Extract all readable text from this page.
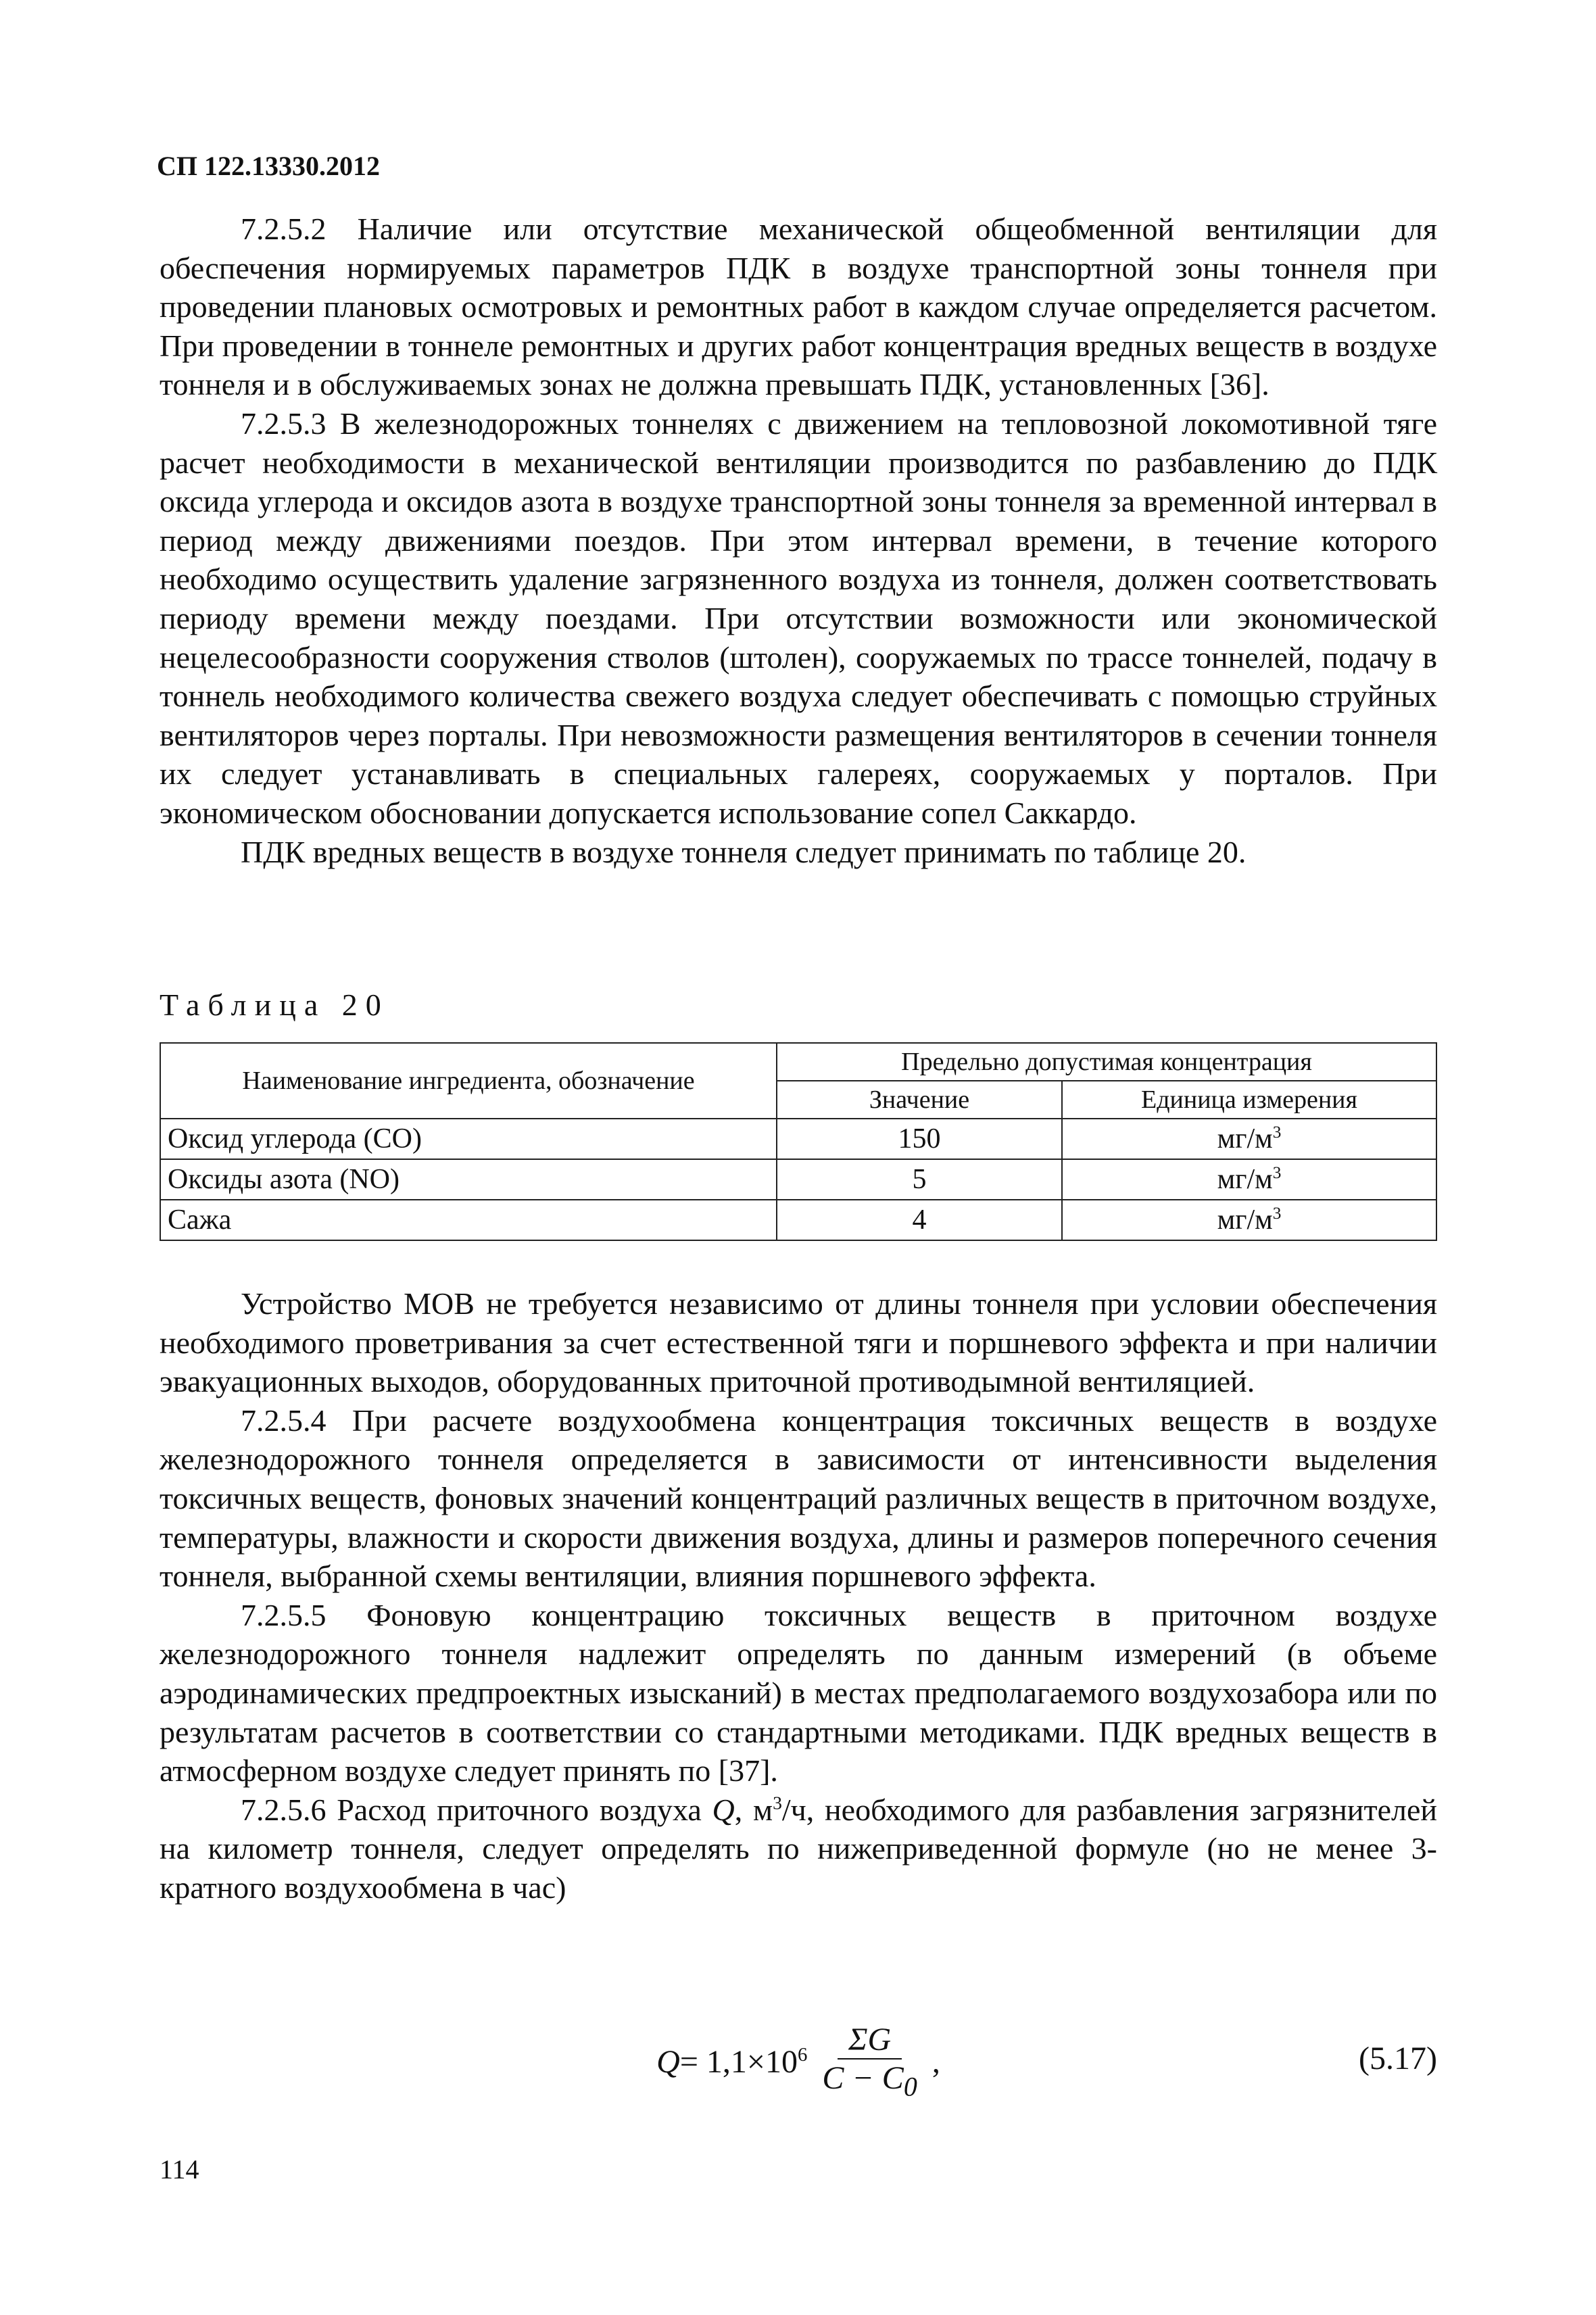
СП 122.13330.2012

7.2.5.2 Наличие или отсутствие механической общеобменной вентиляции для обеспечения нормируемых параметров ПДК в воздухе транспортной зоны тоннеля при проведении плановых осмотровых и ремонтных работ в каждом случае определяется расчетом. При проведении в тоннеле ремонтных и других работ концентрация вредных веществ в воздухе тоннеля и в обслуживаемых зонах не должна превышать ПДК, установленных [36].

7.2.5.3 В железнодорожных тоннелях с движением на тепловозной локомотивной тяге расчет необходимости в механической вентиляции производится по разбавлению до ПДК оксида углерода и оксидов азота в воздухе транспортной зоны тоннеля за временной интервал в период между движениями поездов. При этом интервал времени, в течение которого необходимо осуществить удаление загрязненного воздуха из тоннеля, должен соответствовать периоду времени между поездами. При отсутствии возможности или экономической нецелесообразности сооружения стволов (штолен), сооружаемых по трассе тоннелей, подачу в тоннель необходимого количества свежего воздуха следует обеспечивать с помощью струйных вентиляторов через порталы. При невозможности размещения вентиляторов в сечении тоннеля их следует устанавливать в специальных галереях, сооружаемых у порталов. При экономическом обосновании допускается использование сопел Саккардо.

ПДК вредных веществ в воздухе тоннеля следует принимать по таблице 20.

Таблица 20
Наименование ингредиента, обозначение	Предельно допустимая концентрация	
	Значение	Единица измерения
Оксид углерода (СО)	150	$мг/м^3$
Оксиды азота (NO)	5	$мг/м^3$
Сажа	4	$мг/м^3$

Устройство МОВ не требуется независимо от длины тоннеля при условии обеспечения необходимого проветривания за счет естественной тяги и поршневого эффекта и при наличии эвакуационных выходов, оборудованных приточной противодымной вентиляцией.

7.2.5.4 При расчете воздухообмена концентрация токсичных веществ в воздухе железнодорожного тоннеля определяется в зависимости от интенсивности выделения токсичных веществ, фоновых значений концентраций различных веществ в приточном воздухе, температуры, влажности и скорости движения воздуха, длины и размеров поперечного сечения тоннеля, выбранной схемы вентиляции, влияния поршневого эффекта.

7.2.5.5 Фоновую концентрацию токсичных веществ в приточном воздухе железнодорожного тоннеля надлежит определять по данным измерений (в объеме аэродинамических предпроектных изысканий) в местах предполагаемого воздухозабора или по результатам расчетов в соответствии со стандартными методиками. ПДК вредных веществ в атмосферном воздухе следует принять по [37].

7.2.5.6 Расход приточного воздуха Q, $м^3/ч$, необходимого для разбавления загрязнителей на километр тоннеля, следует определять по нижеприведенной формуле (но не менее 3-кратного воздухообмена в час)

$Q = 1,1\times 10^6 \frac{\Sigma G}{C - C_0}$ ,	(5.17)
114
